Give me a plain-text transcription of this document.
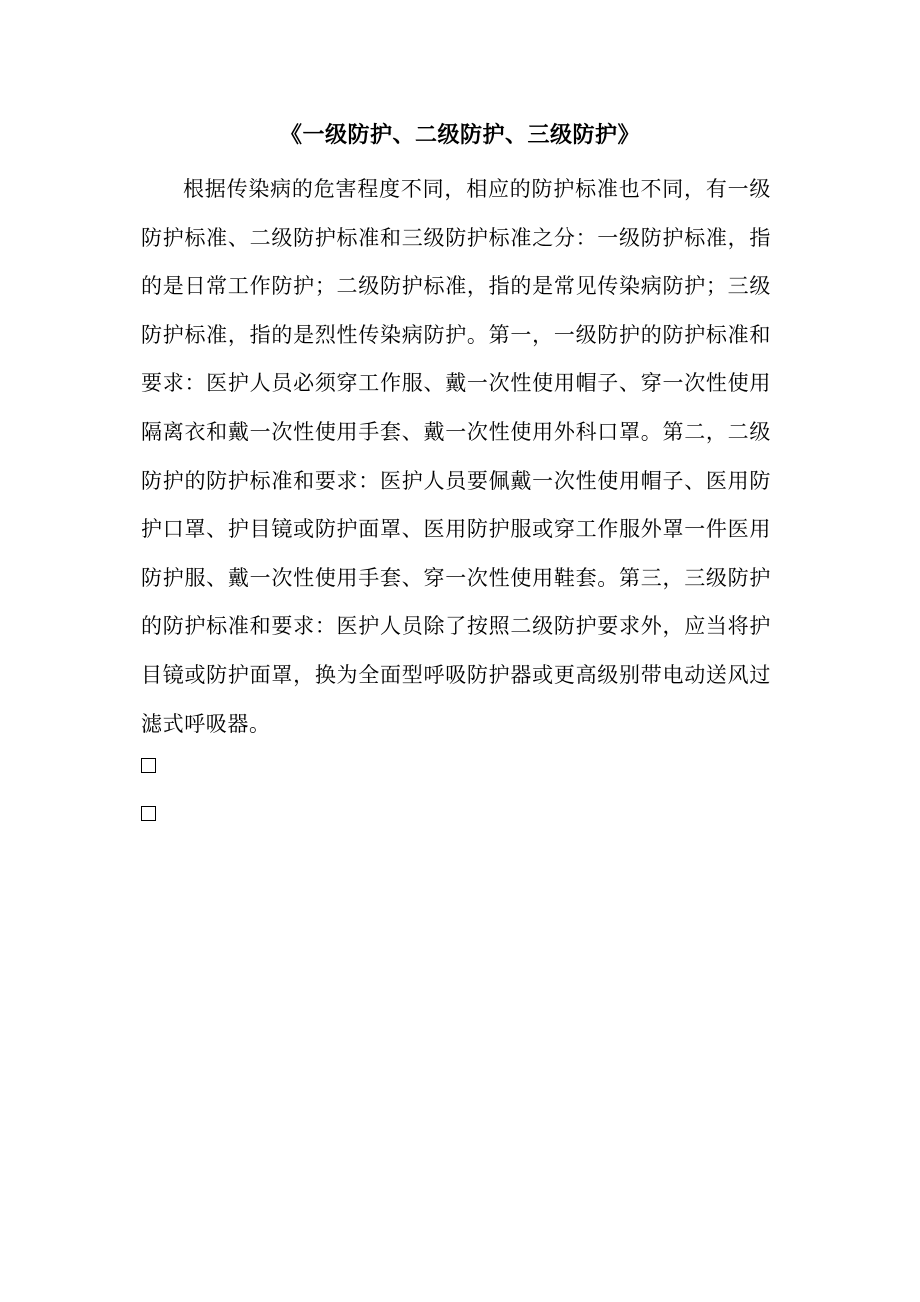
《一级防护、二级防护、三级防护》

根据传染病的危害程度不同，相应的防护标准也不同，有一级防护标准、二级防护标准和三级防护标准之分：一级防护标准，指的是日常工作防护；二级防护标准，指的是常见传染病防护；三级防护标准，指的是烈性传染病防护。第一，一级防护的防护标准和要求：医护人员必须穿工作服、戴一次性使用帽子、穿一次性使用隔离衣和戴一次性使用手套、戴一次性使用外科口罩。第二，二级防护的防护标准和要求：医护人员要佩戴一次性使用帽子、医用防护口罩、护目镜或防护面罩、医用防护服或穿工作服外罩一件医用防护服、戴一次性使用手套、穿一次性使用鞋套。第三，三级防护的防护标准和要求：医护人员除了按照二级防护要求外，应当将护目镜或防护面罩，换为全面型呼吸防护器或更高级别带电动送风过滤式呼吸器。
